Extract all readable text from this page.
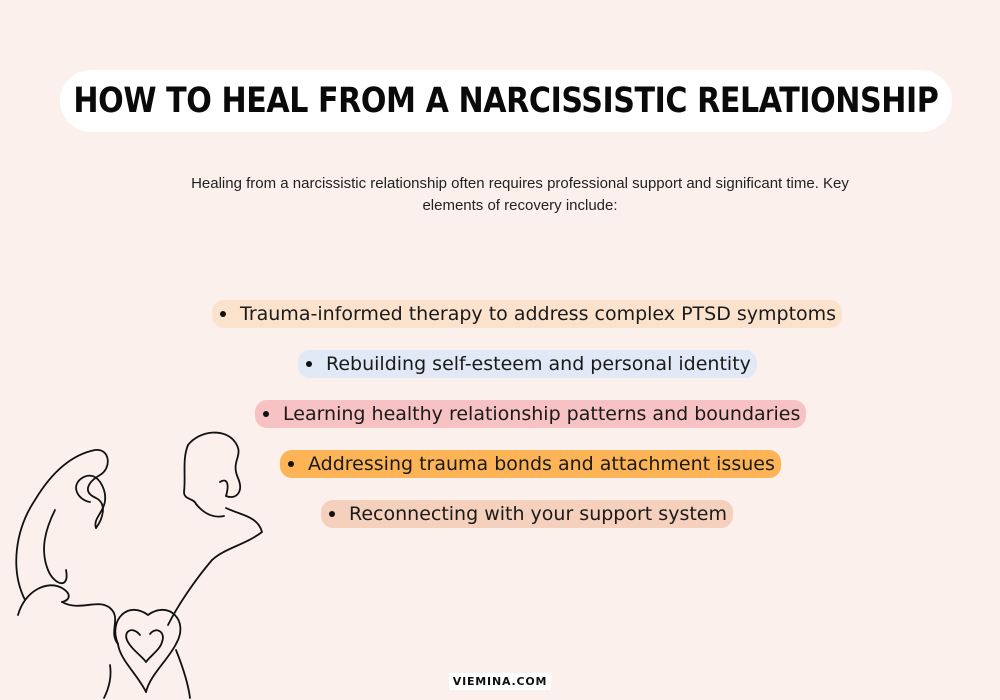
HOW TO HEAL FROM A NARCISSISTIC RELATIONSHIP
Healing from a narcissistic relationship often requires professional support and significant time. Key elements of recovery include:
Trauma-informed therapy to address complex PTSD symptoms
Rebuilding self-esteem and personal identity
Learning healthy relationship patterns and boundaries
Addressing trauma bonds and attachment issues
Reconnecting with your support system
VIEMINA.COM
